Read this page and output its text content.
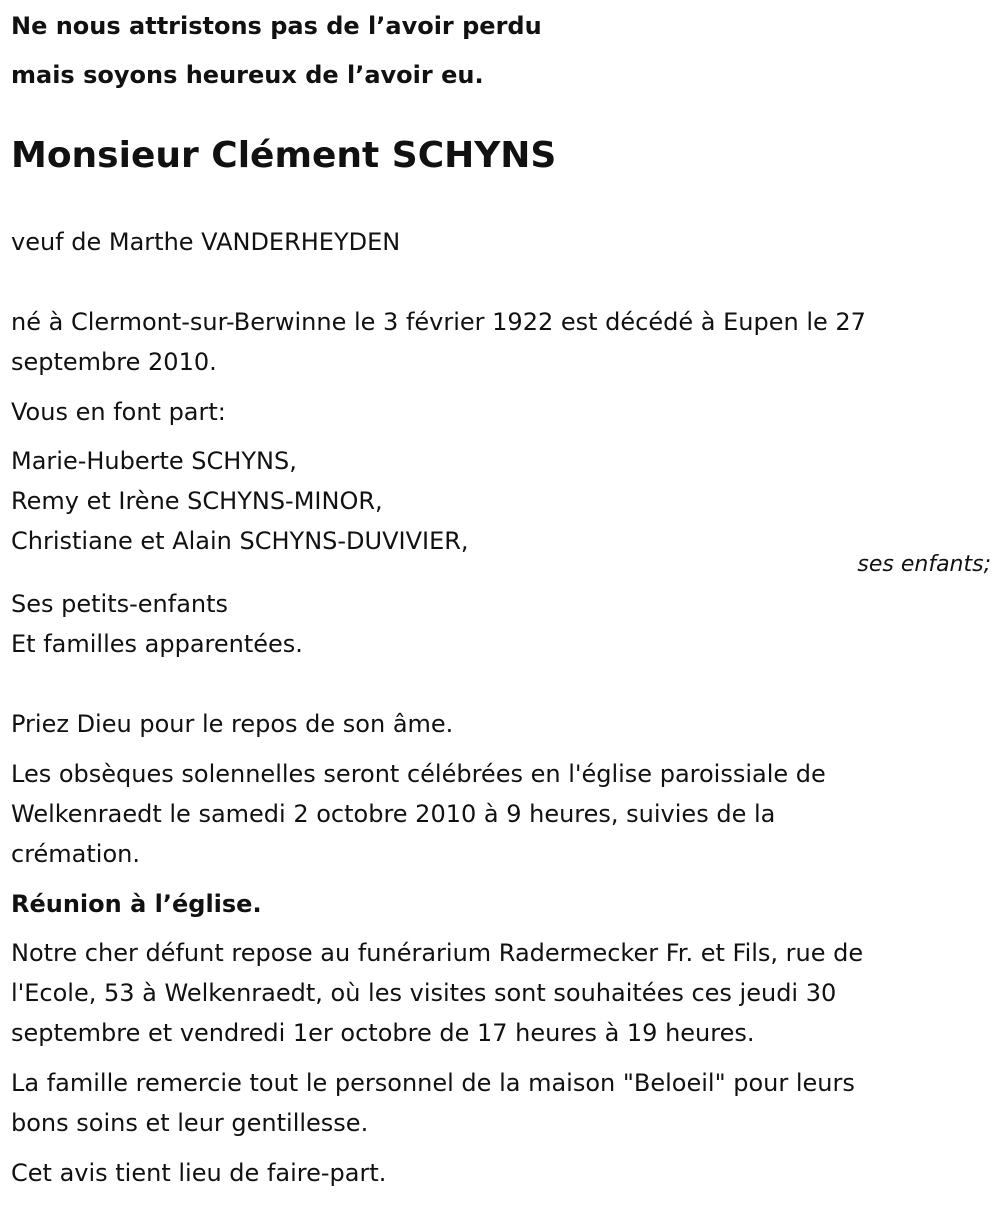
Ne nous attristons pas de l’avoir perdu
mais soyons heureux de l’avoir eu.
Monsieur Clément SCHYNS
veuf de Marthe VANDERHEYDEN
né à Clermont-sur-Berwinne le 3 février 1922 est décédé à Eupen le 27
septembre 2010.
Vous en font part:
Marie-Huberte SCHYNS,
Remy et Irène SCHYNS-MINOR,
Christiane et Alain SCHYNS-DUVIVIER,
ses enfants;
Ses petits-enfants
Et familles apparentées.
Priez Dieu pour le repos de son âme.
Les obsèques solennelles seront célébrées en l'église paroissiale de
Welkenraedt le samedi 2 octobre 2010 à 9 heures, suivies de la
crémation.
Réunion à l’église.
Notre cher défunt repose au funérarium Radermecker Fr. et Fils, rue de
l'Ecole, 53 à Welkenraedt, où les visites sont souhaitées ces jeudi 30
septembre et vendredi 1er octobre de 17 heures à 19 heures.
La famille remercie tout le personnel de la maison "Beloeil" pour leurs
bons soins et leur gentillesse.
Cet avis tient lieu de faire-part.
